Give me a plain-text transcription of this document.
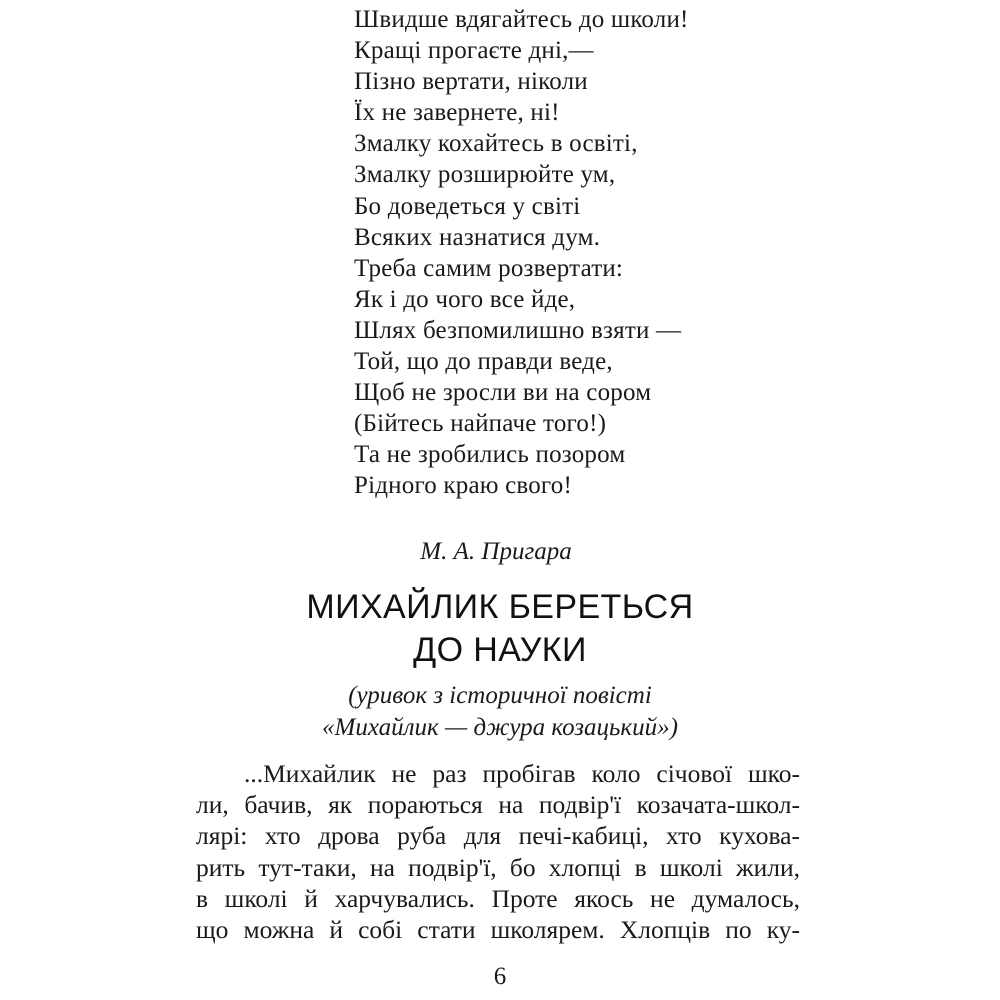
Швидше вдягайтесь до школи!
Кращі прогаєте дні,—
Пізно вертати, ніколи
Їх не завернете, ні!
Змалку кохайтесь в освіті,
Змалку розширюйте ум,
Бо доведеться у світі
Всяких назнатися дум.
Треба самим розвертати:
Як і до чого все йде,
Шлях безпомилишно взяти —
Той, що до правди веде,
Щоб не зросли ви на сором
(Бійтесь найпаче того!)
Та не зробились позором
Рідного краю свого!
М. А. Пригара
МИХАЙЛИК БЕРЕТЬСЯ
ДО НАУКИ
(уривок з історичної повісті
«Михайлик — джура козацький»)
...Михайлик не раз пробігав коло січової шко-
ли, бачив, як пораються на подвір'ї козачата-школ-
лярі: хто дрова руба для печі-кабиці, хто кухова-
рить тут-таки, на подвір'ї, бо хлопці в школі жили,
в школі й харчувались. Проте якось не думалось,
що можна й собі стати школярем. Хлопців по ку-
6
